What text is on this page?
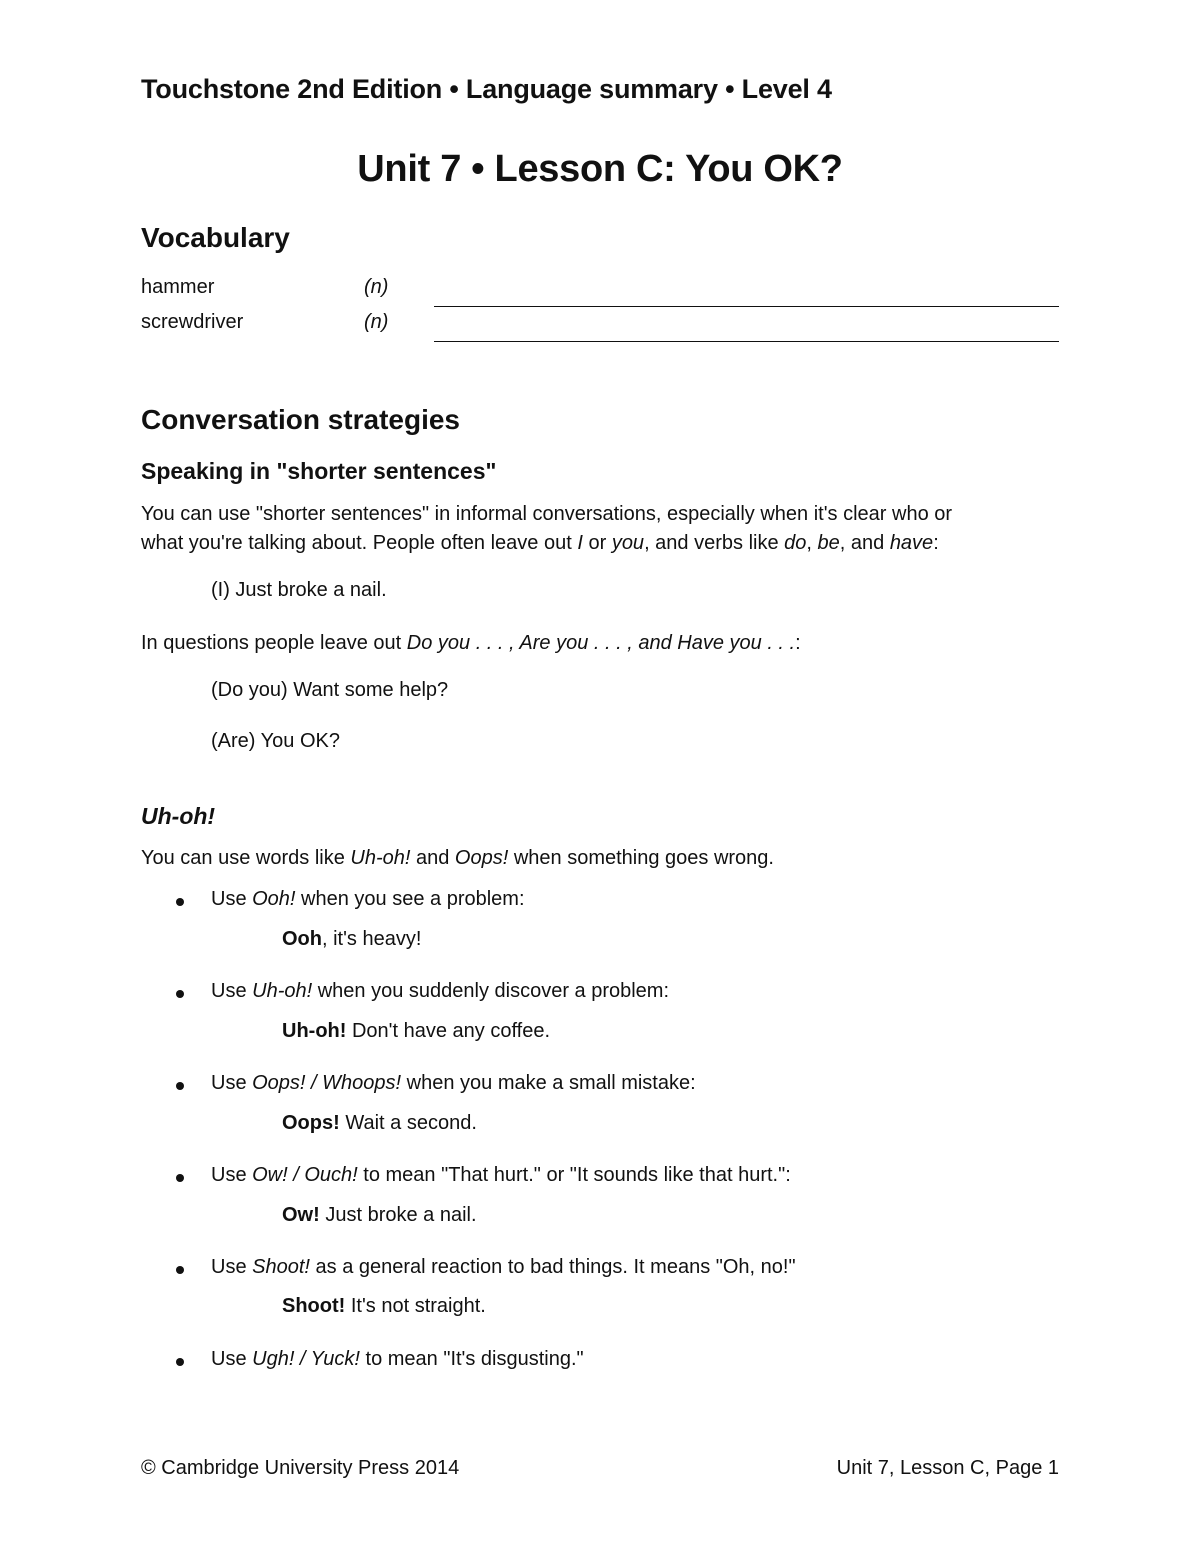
Touchstone 2nd Edition • Language summary • Level 4
Unit 7 • Lesson C: You OK?
Vocabulary
hammer	(n)
screwdriver	(n)
Conversation strategies
Speaking in "shorter sentences"
You can use "shorter sentences" in informal conversations, especially when it's clear who or
what you're talking about. People often leave out I or you, and verbs like do, be, and have:
(I) Just broke a nail.
In questions people leave out Do you . . . , Are you . . . , and Have you . . .:
(Do you) Want some help?
(Are) You OK?
Uh-oh!
You can use words like Uh-oh! and Oops! when something goes wrong.
Use Ooh! when you see a problem:
Ooh, it's heavy!
Use Uh-oh! when you suddenly discover a problem:
Uh-oh! Don't have any coffee.
Use Oops! / Whoops! when you make a small mistake:
Oops! Wait a second.
Use Ow! / Ouch! to mean "That hurt." or "It sounds like that hurt.":
Ow! Just broke a nail.
Use Shoot! as a general reaction to bad things. It means "Oh, no!"
Shoot! It's not straight.
Use Ugh! / Yuck! to mean "It's disgusting."
© Cambridge University Press 2014	Unit 7, Lesson C, Page 1
